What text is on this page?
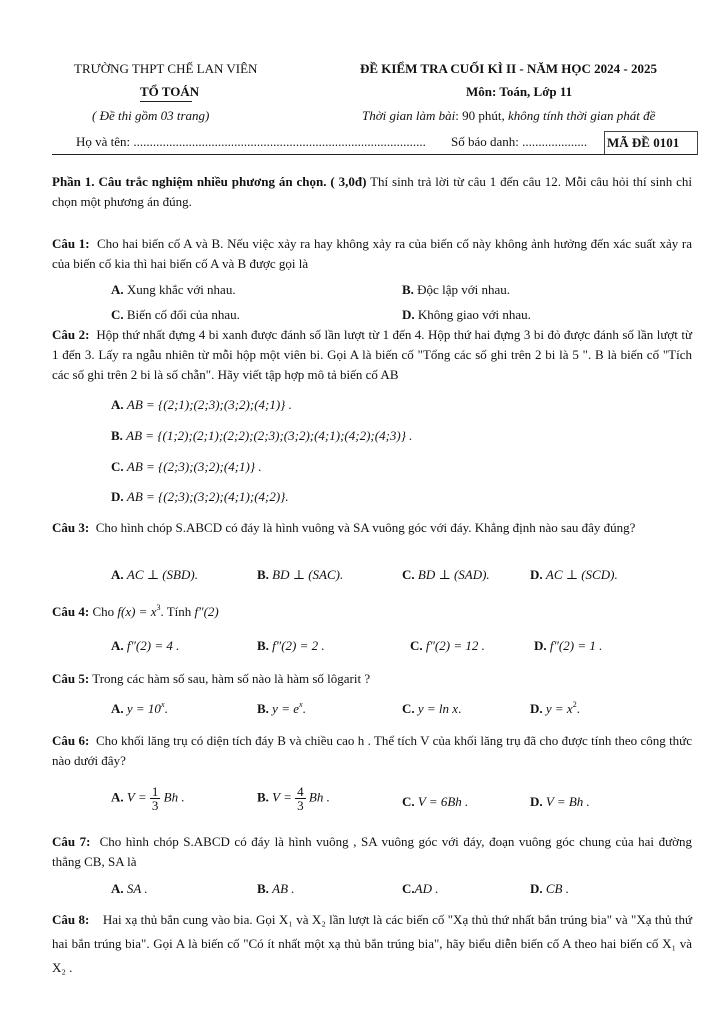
TRƯỜNG THPT CHẾ LAN VIÊN
TỔ TOÁN
( Đề thi gồm 03 trang)
ĐỀ KIỂM TRA CUỐI KÌ II - NĂM HỌC 2024 - 2025
Môn: Toán, Lớp 11
Thời gian làm bài: 90 phút, không tính thời gian phát đề
Họ và tên: .......................................................................................... Số báo danh: .................... MÃ ĐỀ 0101
Phần 1. Câu trắc nghiệm nhiều phương án chọn. ( 3,0đ) Thí sinh trả lời từ câu 1 đến câu 12. Mỗi câu hỏi thí sinh chỉ chọn một phương án đúng.
Câu 1: Cho hai biến cố A và B. Nếu việc xảy ra hay không xảy ra của biến cố này không ảnh hưởng đến xác suất xảy ra của biến cố kia thì hai biến cố A và B được gọi là
A. Xung khắc với nhau.	B. Độc lập với nhau.
C. Biến cố đối của nhau.	D. Không giao với nhau.
Câu 2: Hộp thứ nhất đựng 4 bi xanh được đánh số lần lượt từ 1 đến 4. Hộp thứ hai đựng 3 bi đỏ được đánh số lần lượt từ 1 đến 3. Lấy ra ngẫu nhiên từ mỗi hộp một viên bi. Gọi A là biến cố "Tổng các số ghi trên 2 bi là 5 ". B là biến cố "Tích các số ghi trên 2 bi là số chẵn". Hãy viết tập hợp mô tả biến cố AB
A. AB = {(2;1);(2;3);(3;2);(4;1)} .
B. AB = {(1;2);(2;1);(2;2);(2;3);(3;2);(4;1);(4;2);(4;3)} .
C. AB = {(2;3);(3;2);(4;1)} .
D. AB = {(2;3);(3;2);(4;1);(4;2)}.
Câu 3: Cho hình chóp S.ABCD có đáy là hình vuông và SA vuông góc với đáy. Khẳng định nào sau đây đúng?
A. AC ⊥ (SBD).	B. BD ⊥ (SAC).	C. BD ⊥ (SAD).	D. AC ⊥ (SCD).
Câu 4: Cho $f(x) = x^3$. Tính f″(2)
A. f″(2) = 4 .	B. f″(2) = 2 .	C. f″(2) = 12 .	D. f″(2) = 1 .
Câu 5: Trong các hàm số sau, hàm số nào là hàm số lôgarit ?
A. $y = 10^x$.	B. $y = e^x$.	C. y = ln x.	D. $y = x^2$.
Câu 6: Cho khối lăng trụ có diện tích đáy B và chiều cao h . Thể tích V của khối lăng trụ đã cho được tính theo công thức nào dưới đây?
A. $V = \frac{1}{3}$ Bh .	B. $V = \frac{4}{3}$ Bh .	C. V = 6Bh .	D. V = Bh .
Câu 7: Cho hình chóp S.ABCD có đáy là hình vuông , SA vuông góc với đáy, đoạn vuông góc chung của hai đường thẳng CB, SA là
A. SA .	B. AB .	C.AD .	D. CB .
Câu 8: Hai xạ thủ bắn cung vào bia. Gọi X₁ và X₂ lần lượt là các biến cố "Xạ thủ thứ nhất bắn trúng bia" và "Xạ thủ thứ hai bắn trúng bia". Gọi A là biến cố "Có ít nhất một xạ thủ bắn trúng bia", hãy biểu diễn biến cố A theo hai biến cố X₁ và X₂ .
